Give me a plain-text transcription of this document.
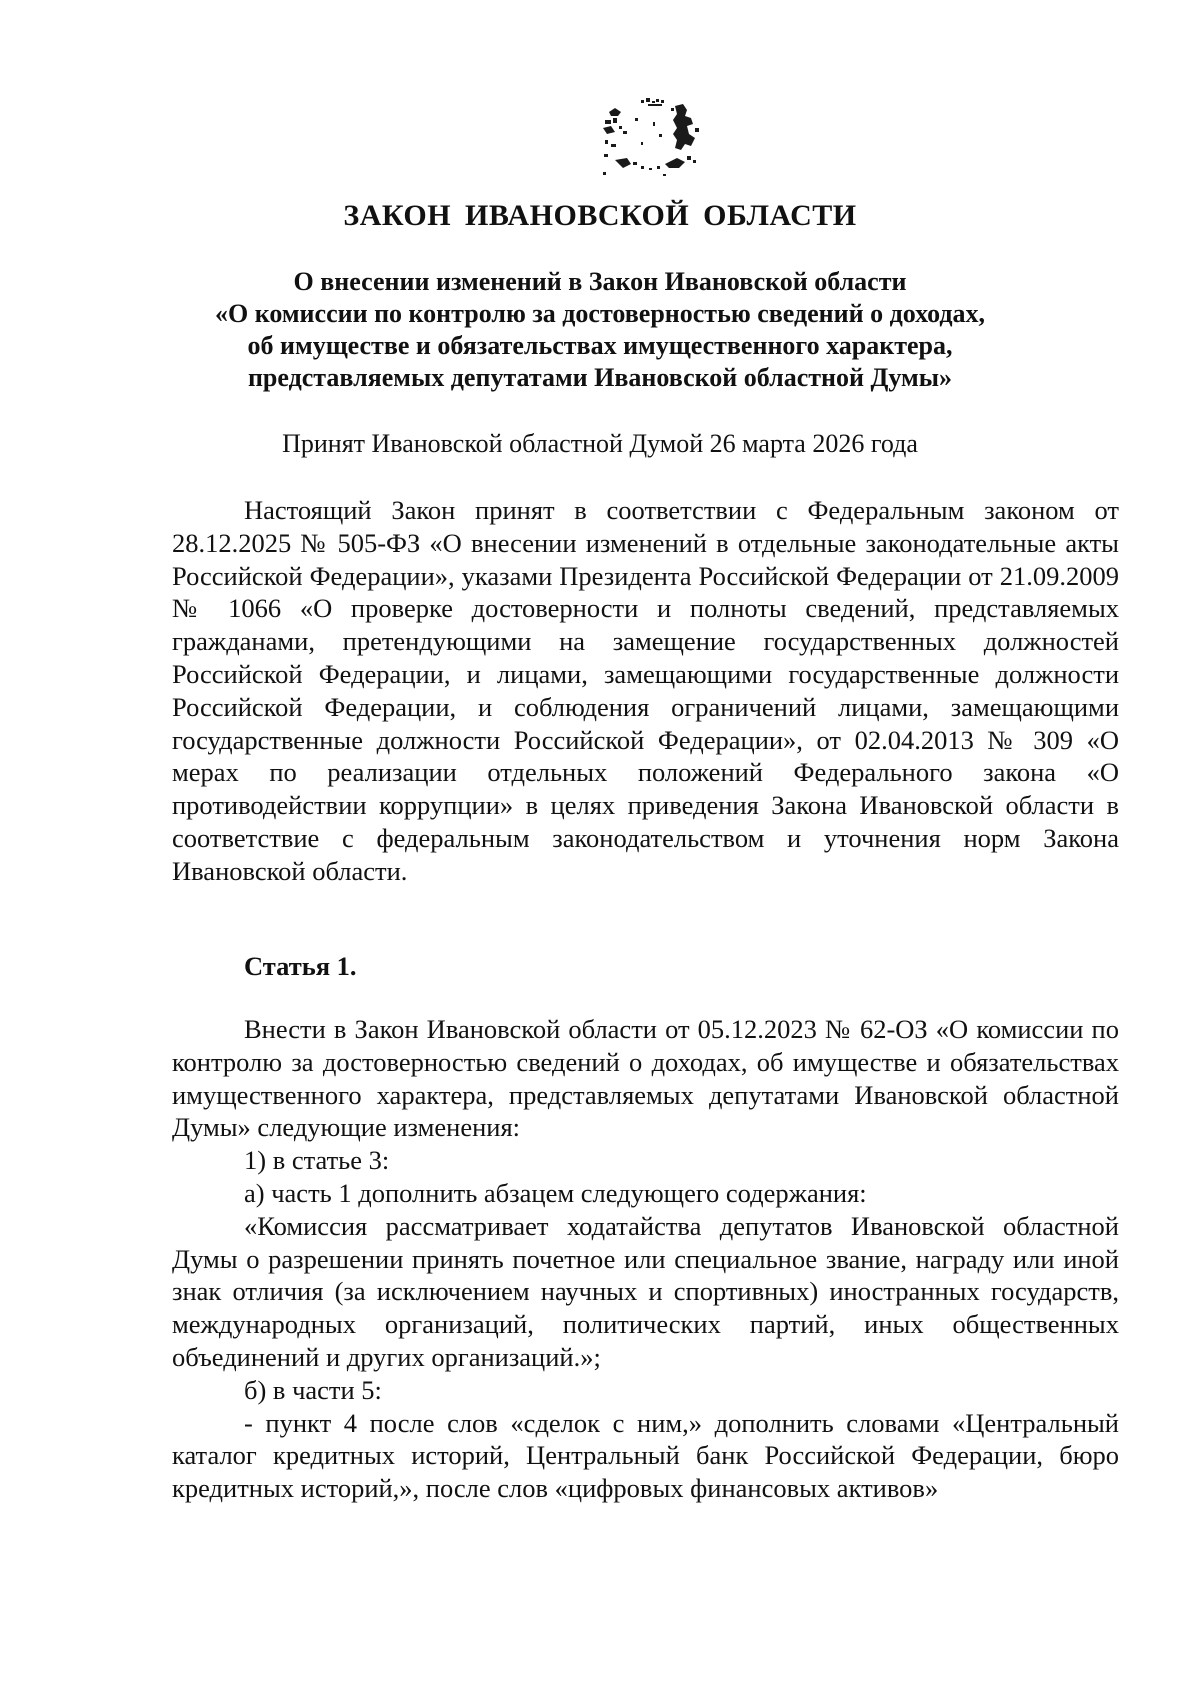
ЗАКОН ИВАНОВСКОЙ ОБЛАСТИ
О внесении изменений в Закон Ивановской области
«О комиссии по контролю за достоверностью сведений о доходах,
об имуществе и обязательствах имущественного характера,
представляемых депутатами Ивановской областной Думы»
Принят Ивановской областной Думой 26 марта 2026 года

Настоящий Закон принят в соответствии с Федеральным законом от 28.12.2025 № 505-ФЗ «О внесении изменений в отдельные законодательные акты Российской Федерации», указами Президента Российской Федерации от 21.09.2009 № 1066 «О проверке достоверности и полноты сведений, представляемых гражданами, претендующими на замещение государственных должностей Российской Федерации, и лицами, замещающими государственные должности Российской Федерации, и соблюдения ограничений лицами, замещающими государственные должности Российской Федерации», от 02.04.2013 № 309 «О мерах по реализации отдельных положений Федерального закона «О противодействии коррупции» в целях приведения Закона Ивановской области в соответствие с федеральным законодательством и уточнения норм Закона Ивановской области.

Статья 1.

Внести в Закон Ивановской области от 05.12.2023 № 62-ОЗ «О комиссии по контролю за достоверностью сведений о доходах, об имуществе и обязательствах имущественного характера, представляемых депутатами Ивановской областной Думы» следующие изменения:

1) в статье 3:

а) часть 1 дополнить абзацем следующего содержания:

«Комиссия рассматривает ходатайства депутатов Ивановской областной Думы о разрешении принять почетное или специальное звание, награду или иной знак отличия (за исключением научных и спортивных) иностранных государств, международных организаций, политических партий, иных общественных объединений и других организаций.»;

б) в части 5:

- пункт 4 после слов «сделок с ним,» дополнить словами «Центральный каталог кредитных историй, Центральный банк Российской Федерации, бюро кредитных историй,», после слов «цифровых финансовых активов»
